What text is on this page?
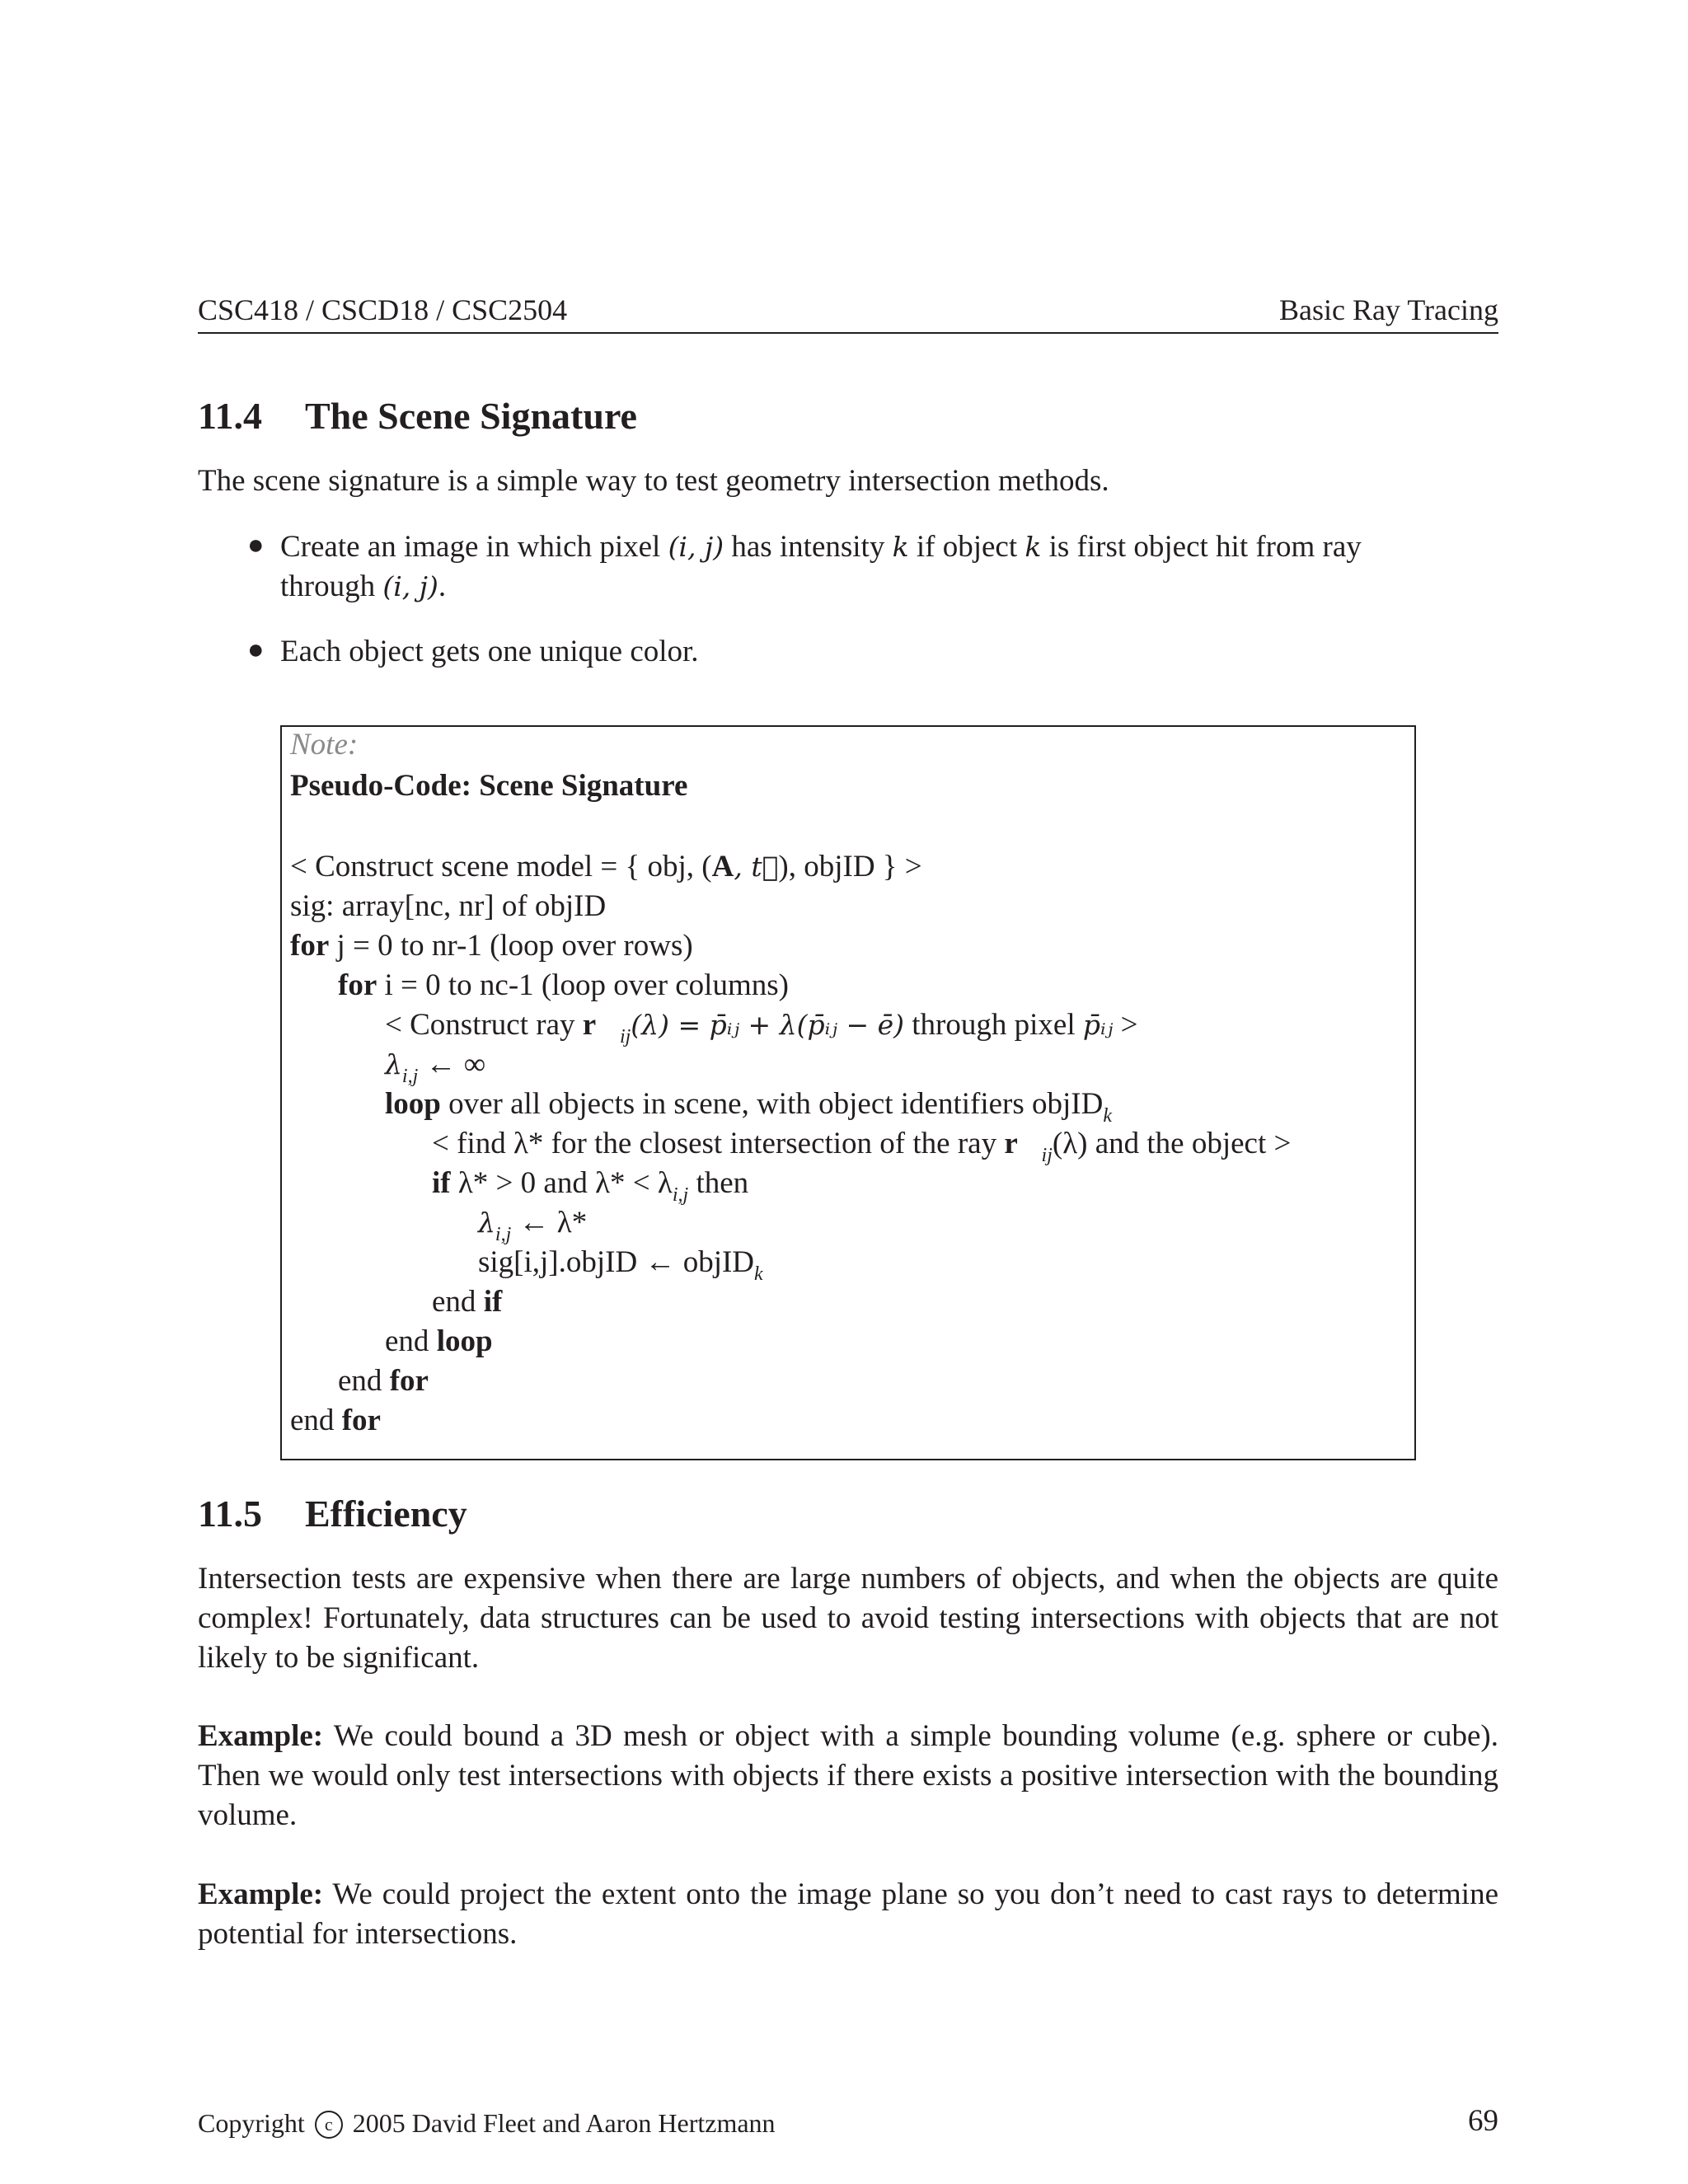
CSC418 / CSCD18 / CSC2504	Basic Ray Tracing
11.4 The Scene Signature
The scene signature is a simple way to test geometry intersection methods.
● Create an image in which pixel (i, j) has intensity k if object k is first object hit from ray
through (i, j).
● Each object gets one unique color.
Note:
Pseudo-Code: Scene Signature
< Construct scene model = { obj, (A, t⃗), objID } >
sig: array[nc, nr] of objID
for j = 0 to nr-1 (loop over rows)
for i = 0 to nc-1 (loop over columns)
< Construct ray $r⃗_{ij}(\lambda)$ = p̄ᵢⱼ + λ(p̄ᵢⱼ − ē) through pixel p̄ᵢⱼ >
$\lambda_{i,j}$ ← ∞
loop over all objects in scene, with object identifiers objID$_k$
< find λ* for the closest intersection of the ray $r⃗_{ij}(\lambda)$ and the object >
if λ* > 0 and $\lambda* < \lambda_{i,j}$ then
$\lambda_{i,j}$ ← λ*
sig[i,j].objID ← objID$_k$
end if
end loop
end for
end for
11.5 Efficiency
Intersection tests are expensive when there are large numbers of objects, and when the objects are quite complex! Fortunately, data structures can be used to avoid testing intersections with objects that are not likely to be significant.
Example: We could bound a 3D mesh or object with a simple bounding volume (e.g. sphere or cube). Then we would only test intersections with objects if there exists a positive intersection with the bounding volume.
Example: We could project the extent onto the image plane so you don’t need to cast rays to determine potential for intersections.
Copyright c 2005 David Fleet and Aaron Hertzmann	69
